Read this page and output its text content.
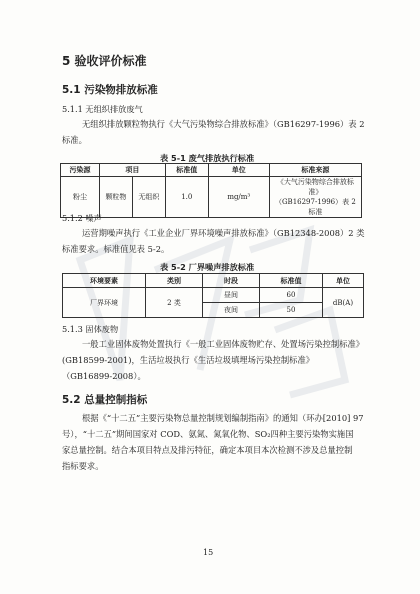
5 验收评价标准
5.1 污染物排放标准
5.1.1 无组织排放废气
无组织排放颗粒物执行《大气污染物综合排放标准》（GB16297-1996）表 2
标准。
表 5-1 废气排放执行标准
污染源	项目		标准值	单位	标准来源
粉尘	颗粒物	无组织	1.0	mg/m³	《大气污染物综合排放标准》
（GB16297-1996）表 2 标准
5.1.2 噪声
运营期噪声执行《工业企业厂界环境噪声排放标准》（GB12348-2008）2 类
标准要求。标准值见表 5-2。
表 5-2 厂界噪声排放标准
环境要素	类别	时段	标准值	单位
厂界环境	2 类	昼间	60	dB(A)
		夜间	50	
5.1.3 固体废物
一般工业固体废物处置执行《一般工业固体废物贮存、处置场污染控制标准》
(GB18599-2001)，生活垃圾执行《生活垃圾填埋场污染控制标准》
（GB16899-2008）。
5.2 总量控制指标
根据《“十二五”主要污染物总量控制规划编制指南》的通知（环办[2010] 97
号），“十二五”期间国家对 COD、氨氮、氮氧化物、SO₂四种主要污染物实施国
家总量控制。结合本项目特点及排污特征，确定本项目本次检测不涉及总量控制
指标要求。
15
